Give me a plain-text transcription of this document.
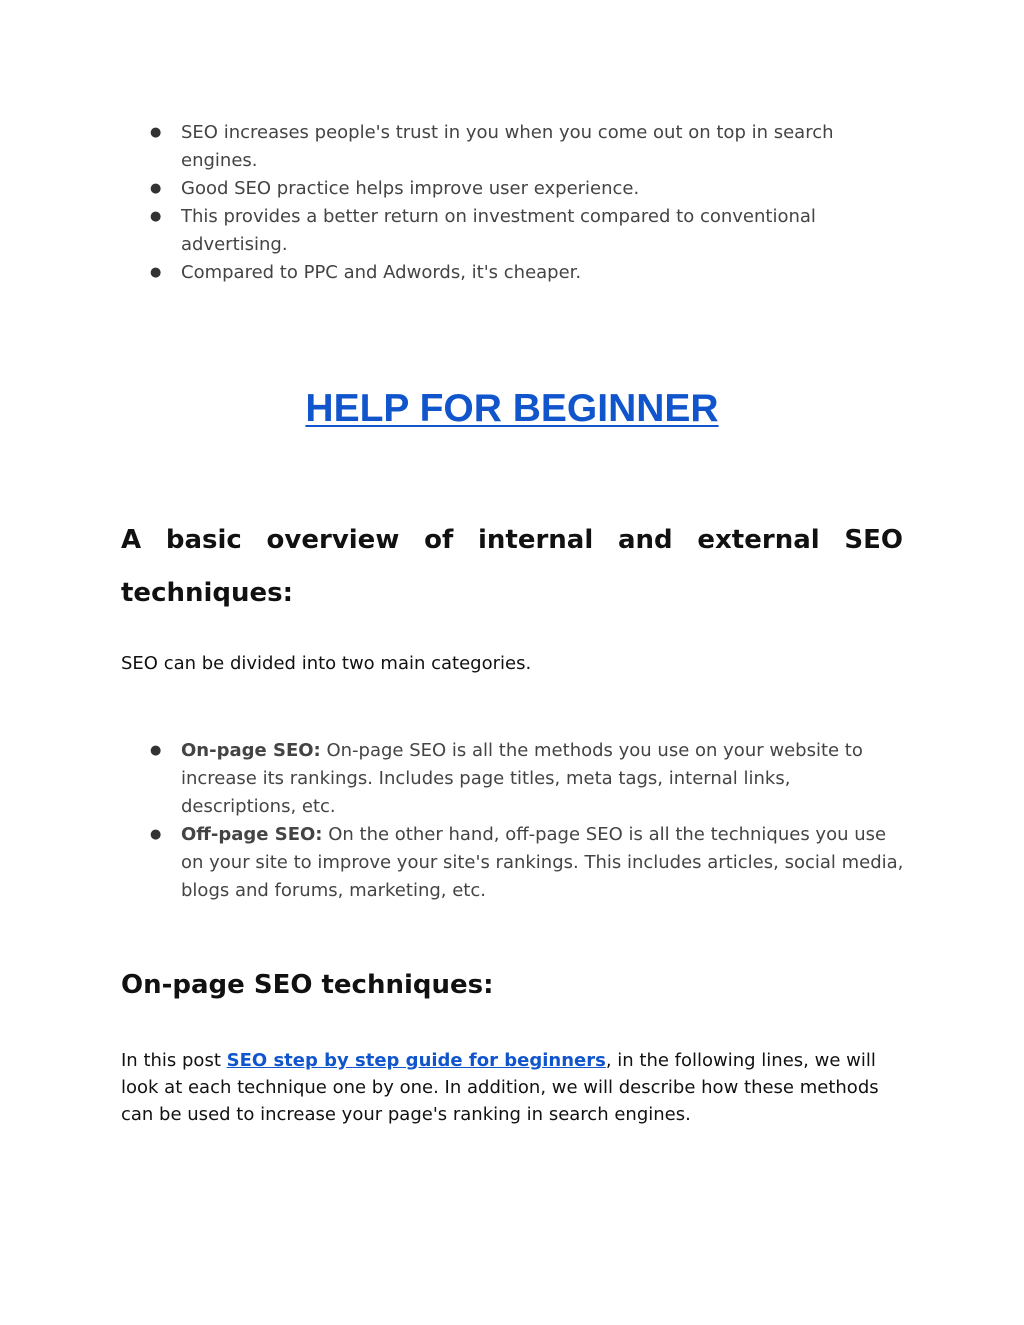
● SEO increases people's trust in you when you come out on top in search engines.
● Good SEO practice helps improve user experience.
● This provides a better return on investment compared to conventional advertising.
● Compared to PPC and Adwords, it's cheaper.
HELP FOR BEGINNER
A basic overview of internal and external SEO techniques:

SEO can be divided into two main categories.

● On-page SEO: On-page SEO is all the methods you use on your website to increase its rankings. Includes page titles, meta tags, internal links, descriptions, etc.
● Off-page SEO: On the other hand, off-page SEO is all the techniques you use on your site to improve your site's rankings. This includes articles, social media, blogs and forums, marketing, etc.
On-page SEO techniques:

In this post SEO step by step guide for beginners, in the following lines, we will look at each technique one by one. In addition, we will describe how these methods can be used to increase your page's ranking in search engines.
